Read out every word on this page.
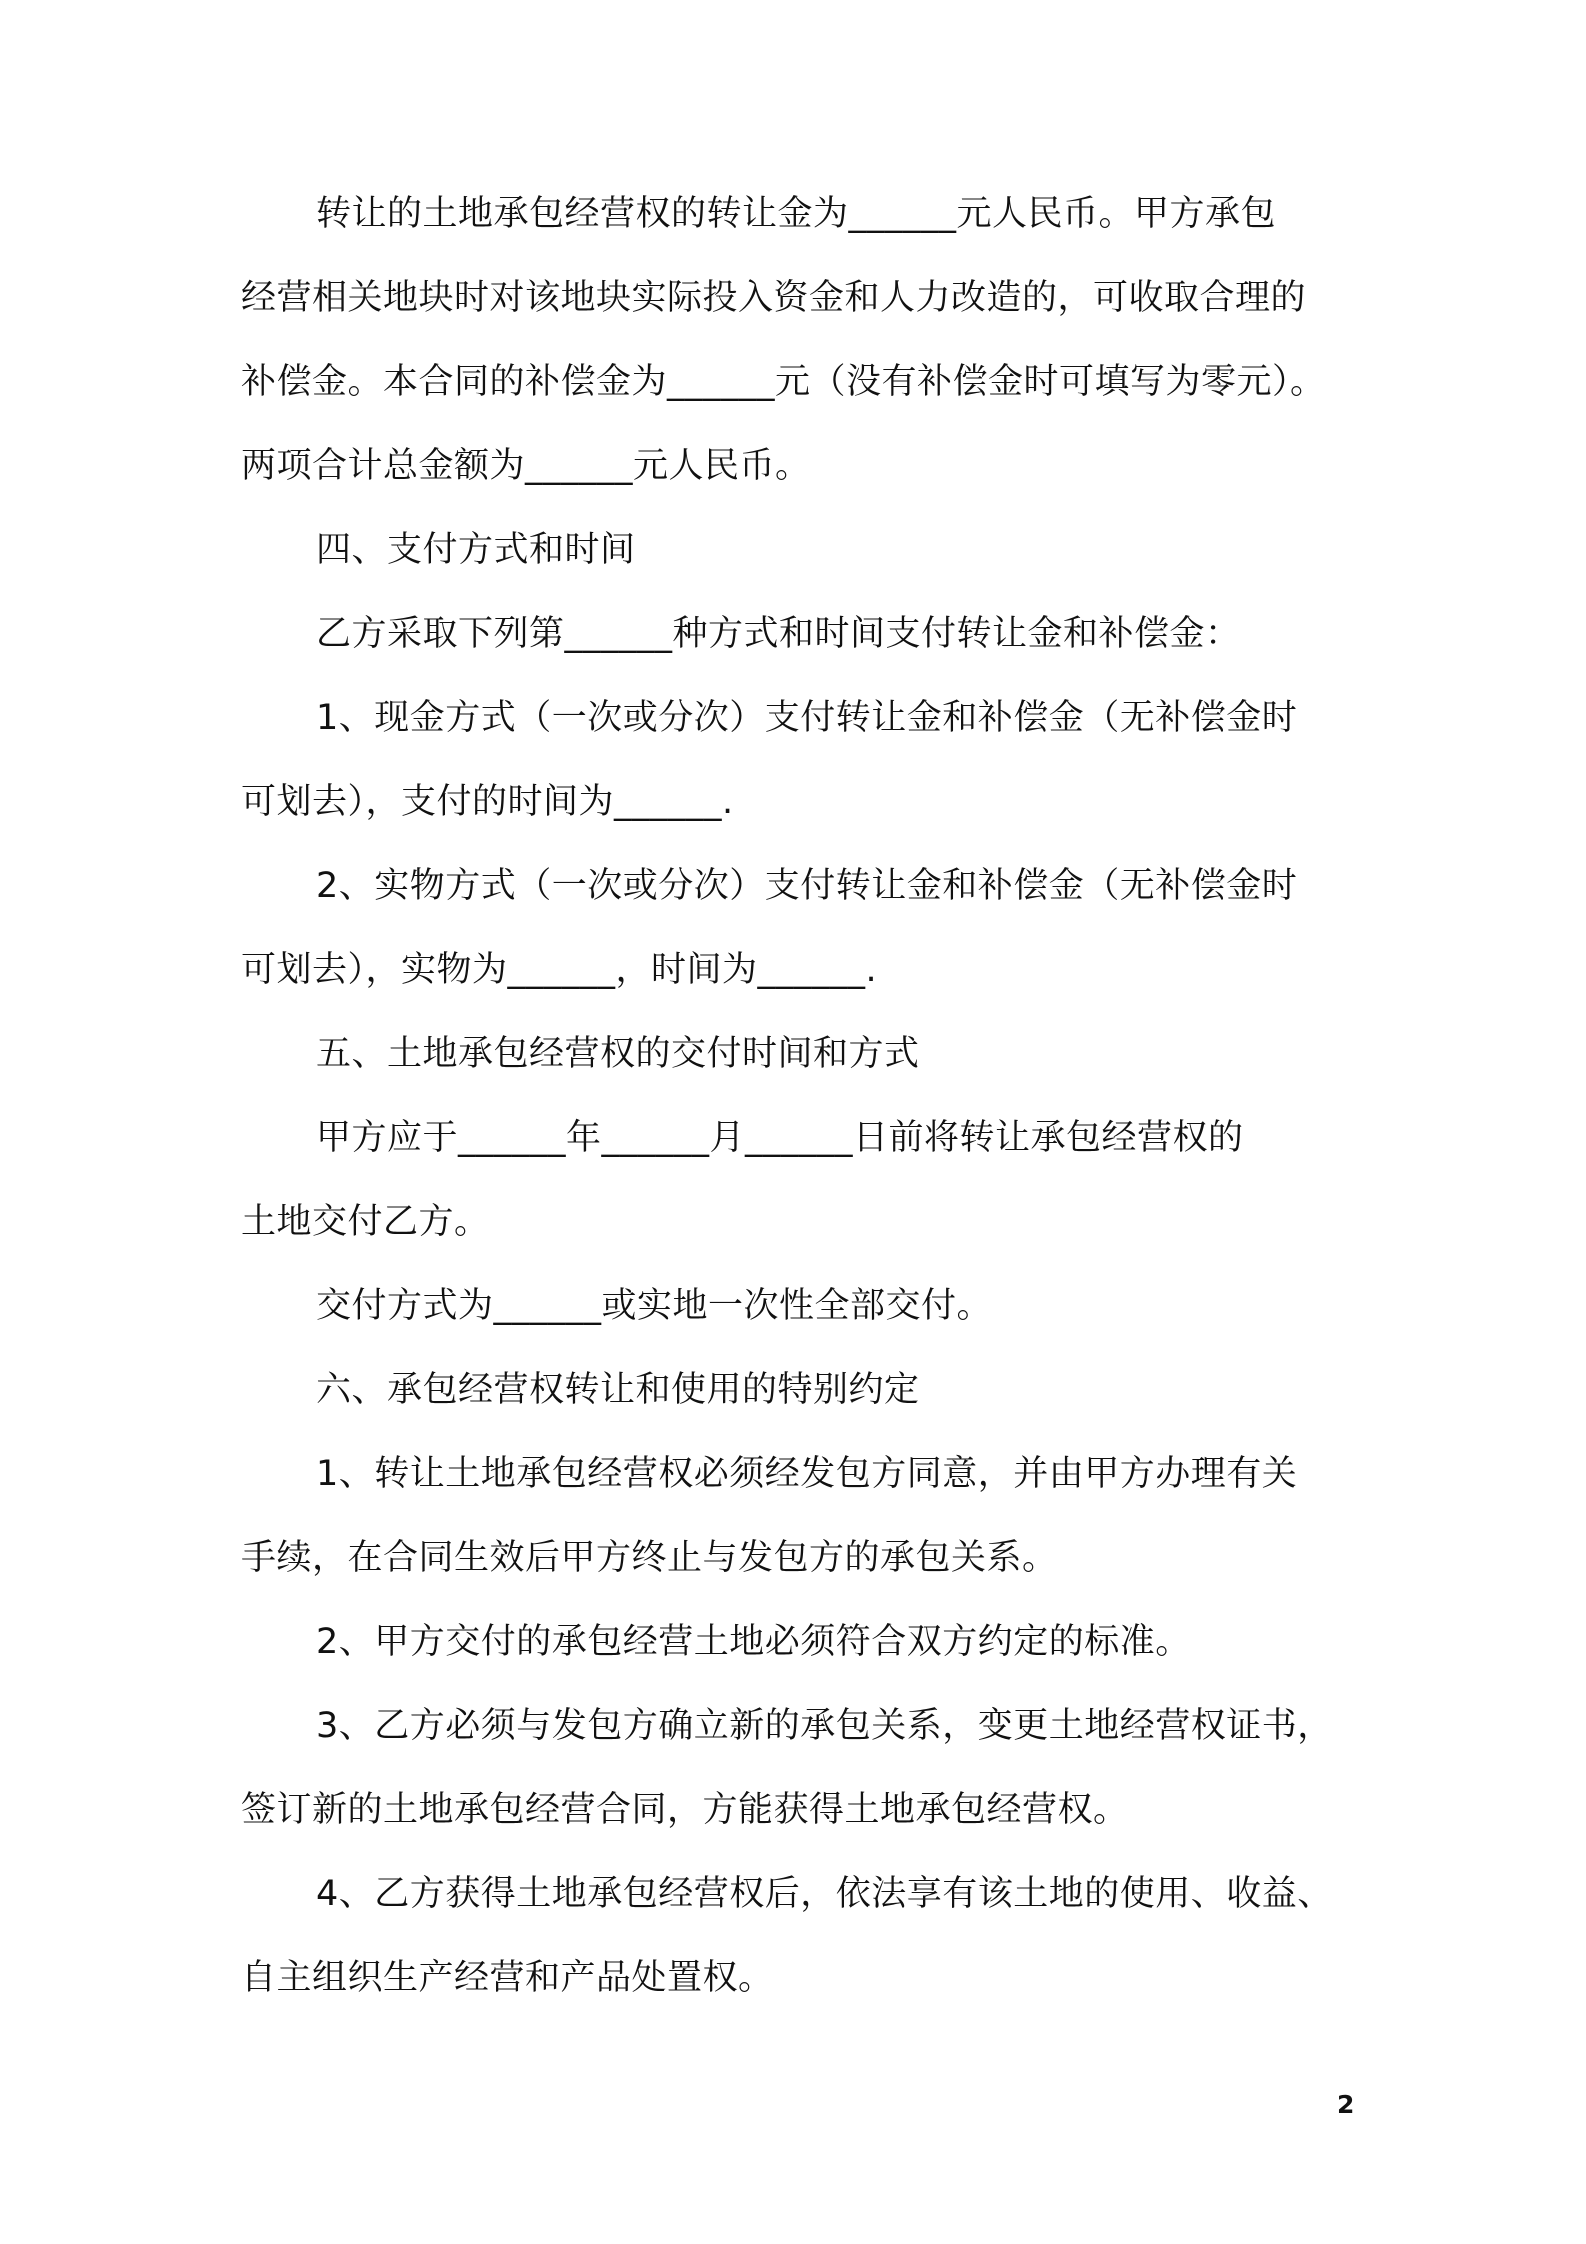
转让的土地承包经营权的转让金为______元人民币。甲方承包
经营相关地块时对该地块实际投入资金和人力改造的，可收取合理的
补偿金。本合同的补偿金为______元（没有补偿金时可填写为零元）。
两项合计总金额为______元人民币。
四、支付方式和时间
乙方采取下列第______种方式和时间支付转让金和补偿金：
1、现金方式（一次或分次）支付转让金和补偿金（无补偿金时
可划去），支付的时间为______.
2、实物方式（一次或分次）支付转让金和补偿金（无补偿金时
可划去），实物为______，时间为______.
五、土地承包经营权的交付时间和方式
甲方应于______年______月______日前将转让承包经营权的
土地交付乙方。
交付方式为______或实地一次性全部交付。
六、承包经营权转让和使用的特别约定
1、转让土地承包经营权必须经发包方同意，并由甲方办理有关
手续，在合同生效后甲方终止与发包方的承包关系。
2、甲方交付的承包经营土地必须符合双方约定的标准。
3、乙方必须与发包方确立新的承包关系，变更土地经营权证书，
签订新的土地承包经营合同，方能获得土地承包经营权。
4、乙方获得土地承包经营权后，依法享有该土地的使用、收益、
自主组织生产经营和产品处置权。
2
